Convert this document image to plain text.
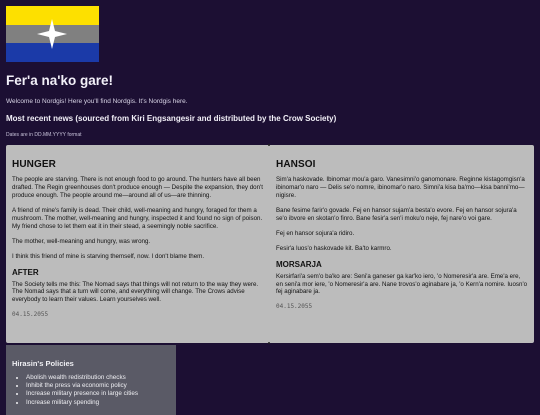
Fer'a na'ko gare!

Welcome to Nordgis! Here you'll find Nordgis. It's Nordgis here.

Most recent news (sourced from Kiri Engsangesir and distributed by the Crow Society)

Dates are in DD.MM.YYYY format

HUNGER

The people are starving. There is not enough food to go around. The hunters have all been drafted. The Regin greenhouses don't produce enough — Despite the expansion, they don't produce enough. The people around me—around all of us—are thinning.

A friend of mine's family is dead. Their child, well-meaning and hungry, foraged for them a mushroom. The mother, well-meaning and hungry, inspected it and found no sign of poison. My friend chose to let them eat it in their stead, a seemingly noble sacrifice.

The mother, well-meaning and hungry, was wrong.

I think this friend of mine is starving themself, now. I don't blame them.

AFTER

The Society tells me this: The Nomad says that things will not return to the way they were. The Nomad says that a turn will come, and everything will change. The Crows advise everybody to learn their values. Learn yourselves well.

04.15.2055

HANSOI

Sim'a haskovade. Ibinomar mou'a garo. Vanesimni'o ganomonare. Reginne kistagomgisn'a ibinomar'o naro — Delis se'o nomre, ibinomar'o naro. Simni'a kisa ba'mo—kisa banni'mo—nigisre.

Bane fesime farir'o govade. Fej en hansor sujam'a besta'o evore. Fej en hansor sojura'a se'o ibvore en skotan'o finro. Bane fesir'a sen'i moku'o neje, fej nare'o voi gare.

Fej en hansor sojura'a ridiro.

Fesir'a luos'o haskovade kit. Ba'to karmro.

MORSARJA

Kersirfari'a sem'o ba'ko are: Seni'a ganeser ga kar'ko iero, 'o Nomeresir'a are. Eme'a ere, en seni'a mor iere, 'o Nomeresir'a are. Nane trovos'o aginabare ja, 'o Kern'a nomire. Iuosn'o fej aginabare ja.

04.15.2055

Hirasin's Policies
• Abolish wealth redistribution checks
• Inhibit the press via economic policy
• Increase military presence in large cities
• Increase military spending
